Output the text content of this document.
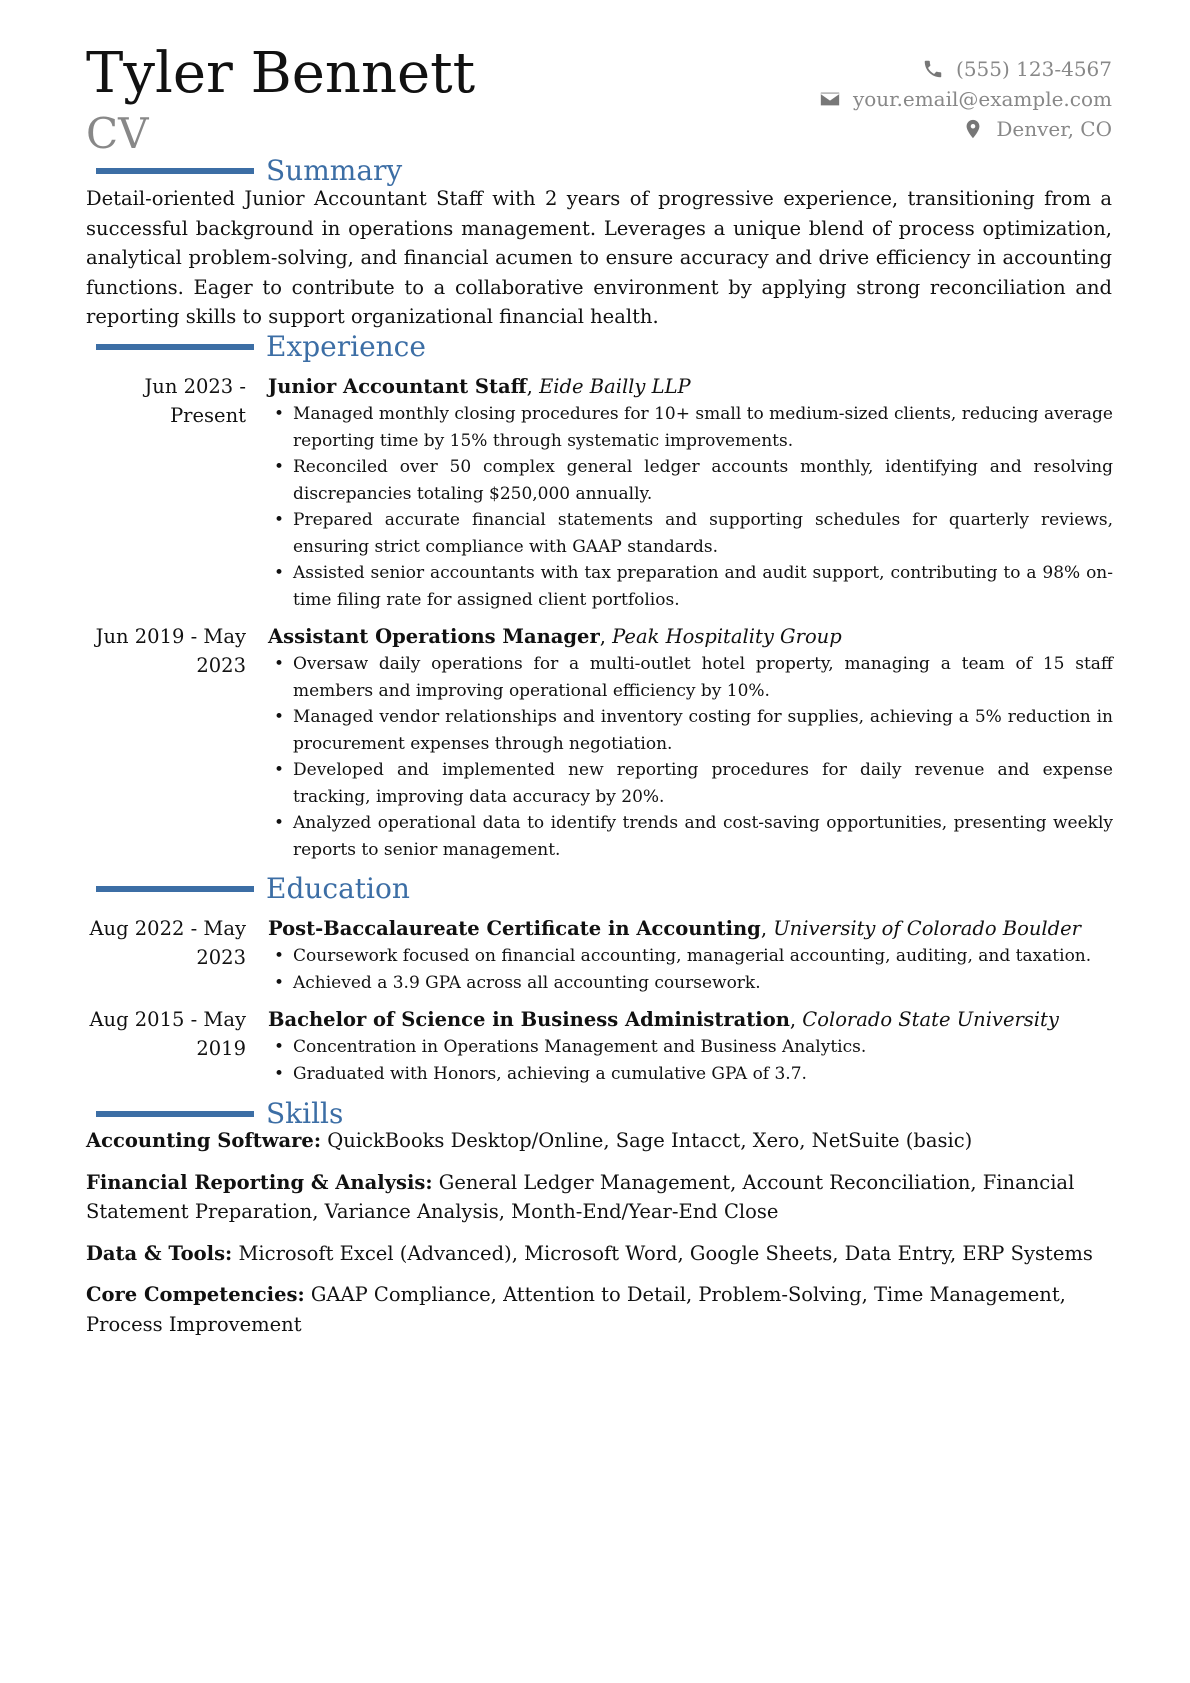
Tyler Bennett
CV
(555) 123-4567
your.email@example.com
Denver, CO
Summary

Detail-oriented Junior Accountant Staff with 2 years of progressive experience, transitioning from a successful background in operations management. Leverages a unique blend of process optimization, analytical problem-solving, and financial acumen to ensure accuracy and drive efficiency in accounting functions. Eager to contribute to a collaborative environment by applying strong reconciliation and reporting skills to support organizational financial health.

Experience
Jun 2023 - Present
Junior Accountant Staff, Eide Bailly LLP
• Managed monthly closing procedures for 10+ small to medium-sized clients, reducing average reporting time by 15% through systematic improvements.
• Reconciled over 50 complex general ledger accounts monthly, identifying and resolving discrepancies totaling $250,000 annually.
• Prepared accurate financial statements and supporting schedules for quarterly reviews, ensuring strict compliance with GAAP standards.
• Assisted senior accountants with tax preparation and audit support, contributing to a 98% on-time filing rate for assigned client portfolios.
Jun 2019 - May 2023
Assistant Operations Manager, Peak Hospitality Group
• Oversaw daily operations for a multi-outlet hotel property, managing a team of 15 staff members and improving operational efficiency by 10%.
• Managed vendor relationships and inventory costing for supplies, achieving a 5% reduction in procurement expenses through negotiation.
• Developed and implemented new reporting procedures for daily revenue and expense tracking, improving data accuracy by 20%.
• Analyzed operational data to identify trends and cost-saving opportunities, presenting weekly reports to senior management.
Education
Aug 2022 - May 2023
Post-Baccalaureate Certificate in Accounting, University of Colorado Boulder
• Coursework focused on financial accounting, managerial accounting, auditing, and taxation.
• Achieved a 3.9 GPA across all accounting coursework.
Aug 2015 - May 2019
Bachelor of Science in Business Administration, Colorado State University
• Concentration in Operations Management and Business Analytics.
• Graduated with Honors, achieving a cumulative GPA of 3.7.
Skills

Accounting Software: QuickBooks Desktop/Online, Sage Intacct, Xero, NetSuite (basic)

Financial Reporting & Analysis: General Ledger Management, Account Reconciliation, Financial Statement Preparation, Variance Analysis, Month-End/Year-End Close

Data & Tools: Microsoft Excel (Advanced), Microsoft Word, Google Sheets, Data Entry, ERP Systems

Core Competencies: GAAP Compliance, Attention to Detail, Problem-Solving, Time Management, Process Improvement
